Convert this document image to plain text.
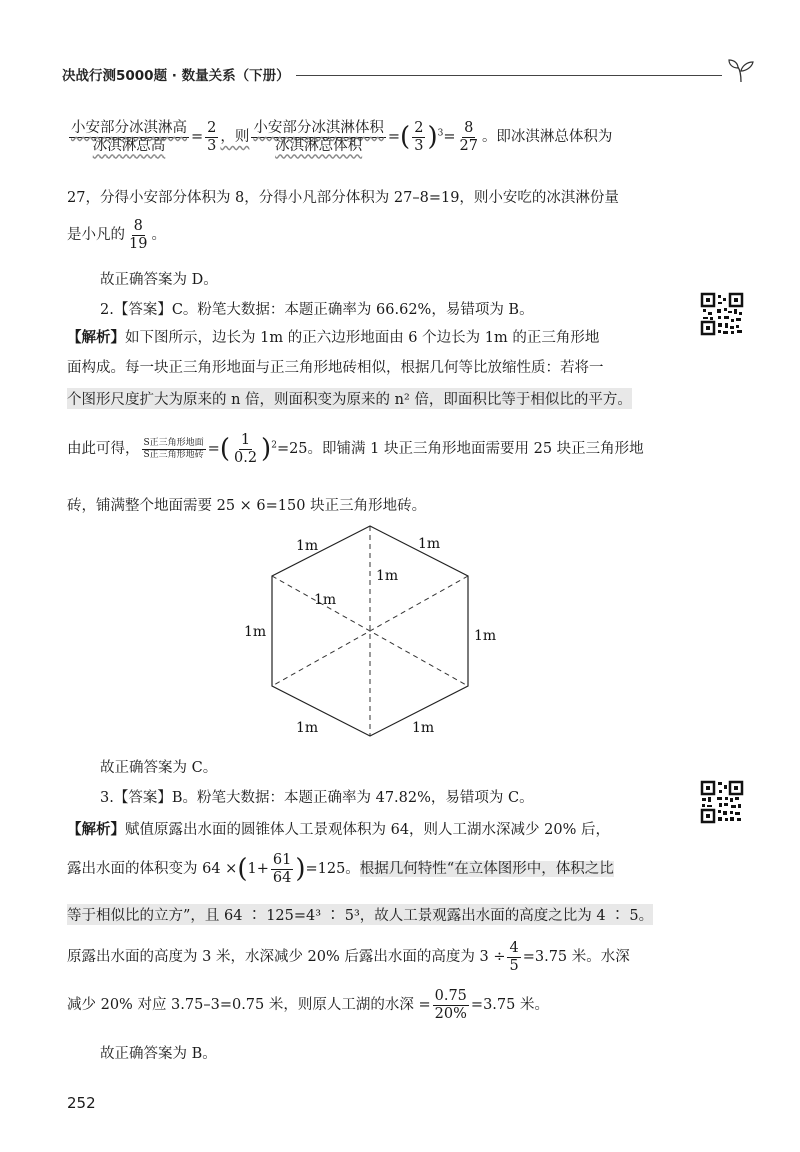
决战行测5000题 · 数量关系（下册）
$\frac{\text{小安部分冰淇淋高}}{\text{冰淇淋总高}} = \frac{2}{3}$ ，则 $\frac{\text{小安部分冰淇淋体积}}{\text{冰淇淋总体积}}$ =( $\frac{2}{3} )^3= \frac{8}{27}$ 。即冰淇淋总体积为
27，分得小安部分体积为 8，分得小凡部分体积为 27–8=19，则小安吃的冰淇淋份量
是小凡的 $\frac{8}{19}$ 。
故正确答案为 D。
2.【答案】C。粉笔大数据：本题正确率为 66.62%，易错项为 B。
【解析】如下图所示，边长为 1m 的正六边形地面由 6 个边长为 1m 的正三角形地
面构成。每一块正三角形地面与正三角形地砖相似，根据几何等比放缩性质：若将一
个图形尺度扩大为原来的 n 倍，则面积变为原来的 n² 倍，即面积比等于相似比的平方。
由此可得， $\frac{\text{S正三角形地面}}{\text{S正三角形地砖}}$ =( $\frac{1}{0.2} )^2=25$。即铺满 1 块正三角形地面需要用 25 块正三角形地
砖，铺满整个地面需要 25 × 6=150 块正三角形地砖。
1m	1m
1m
1m
1m	1m
1m	1m
故正确答案为 C。
3.【答案】B。粉笔大数据：本题正确率为 47.82%，易错项为 C。
【解析】赋值原露出水面的圆锥体人工景观体积为 64，则人工湖水深减少 20% 后，
露出水面的体积变为 $64 \times(1+ \frac{61}{64} )=125$。根据几何特性“在立体图形中，体积之比
等于相似比的立方”，且 64 ∶ 125=4³ ∶ 5³，故人工景观露出水面的高度之比为 4 ∶ 5。
原露出水面的高度为 3 米，水深减少 20% 后露出水面的高度为 $3 \div \frac{4}{5} =3.75$ 米。水深
减少 20% 对应 3.75–3=0.75 米，则原人工湖的水深 = $\frac{0.75}{20\%} =3.75$ 米。
故正确答案为 B。
252
